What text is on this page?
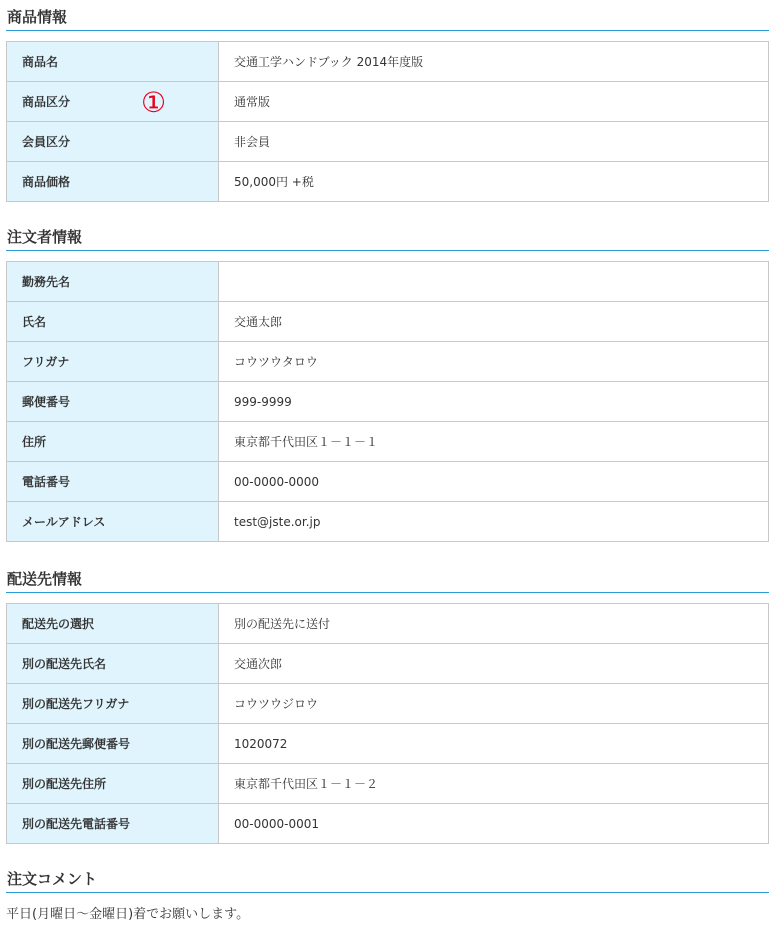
商品情報
商品名	交通工学ハンドブック 2014年度版
商品区分	通常版
会員区分	非会員
商品価格	50,000円 +税
①
注文者情報
勤務先名	
氏名	交通太郎
フリガナ	コウツウタロウ
郵便番号	999-9999
住所	東京都千代田区１－１－１
電話番号	00-0000-0000
メールアドレス	test@jste.or.jp
配送先情報
配送先の選択	別の配送先に送付
別の配送先氏名	交通次郎
別の配送先フリガナ	コウツウジロウ
別の配送先郵便番号	1020072
別の配送先住所	東京都千代田区１－１－２
別の配送先電話番号	00-0000-0001
注文コメント
平日(月曜日～金曜日)着でお願いします。
